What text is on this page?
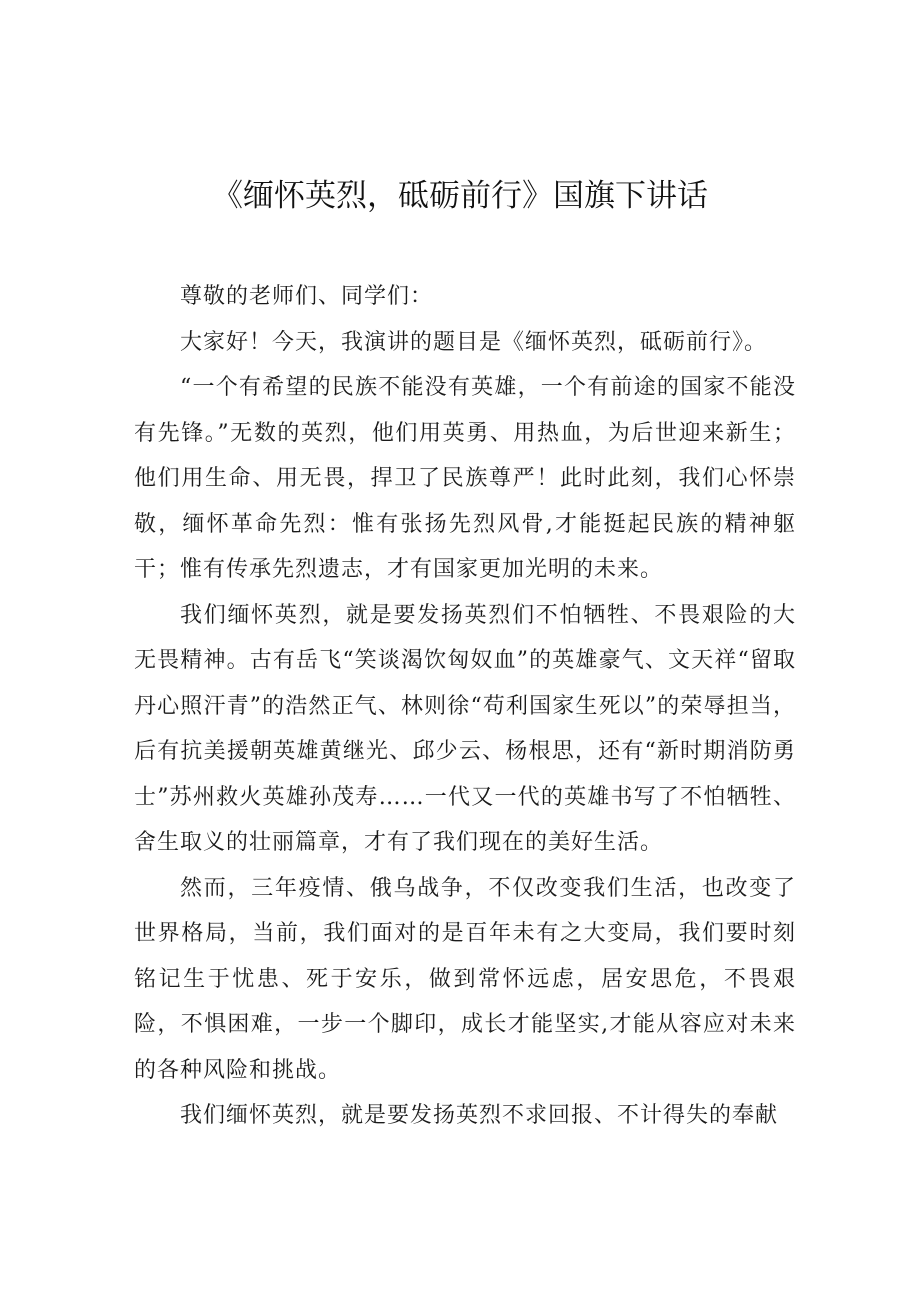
《缅怀英烈，砥砺前行》国旗下讲话

尊敬的老师们、同学们：

大家好！今天，我演讲的题目是《缅怀英烈，砥砺前行》。

“一个有希望的民族不能没有英雄，一个有前途的国家不能没有先锋。”无数的英烈，他们用英勇、用热血，为后世迎来新生；他们用生命、用无畏，捍卫了民族尊严！此时此刻，我们心怀崇敬，缅怀革命先烈：惟有张扬先烈风骨,才能挺起民族的精神躯干；惟有传承先烈遗志，才有国家更加光明的未来。

我们缅怀英烈，就是要发扬英烈们不怕牺牲、不畏艰险的大无畏精神。古有岳飞“笑谈渴饮匈奴血”的英雄豪气、文天祥“留取丹心照汗青”的浩然正气、林则徐“苟利国家生死以”的荣辱担当，后有抗美援朝英雄黄继光、邱少云、杨根思，还有“新时期消防勇士”苏州救火英雄孙茂寿……一代又一代的英雄书写了不怕牺牲、舍生取义的壮丽篇章，才有了我们现在的美好生活。

然而，三年疫情、俄乌战争，不仅改变我们生活，也改变了世界格局，当前，我们面对的是百年未有之大变局，我们要时刻铭记生于忧患、死于安乐，做到常怀远虑，居安思危，不畏艰险，不惧困难，一步一个脚印，成长才能坚实,才能从容应对未来的各种风险和挑战。

我们缅怀英烈，就是要发扬英烈不求回报、不计得失的奉献
